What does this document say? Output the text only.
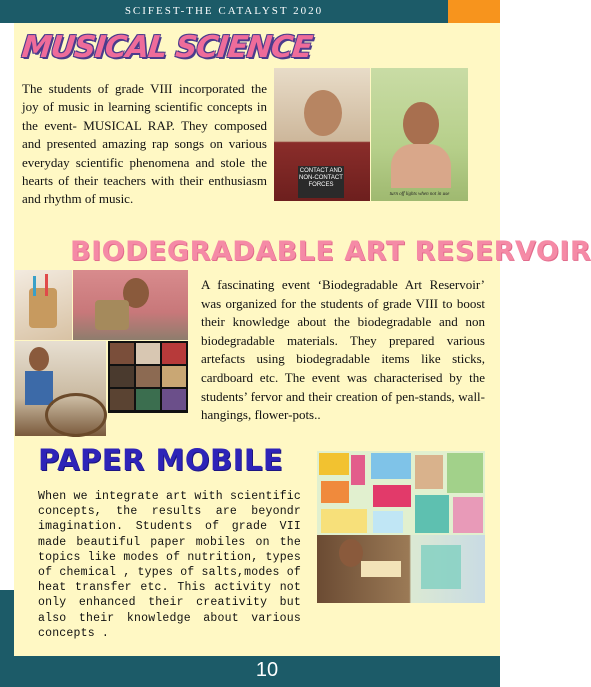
SCIFEST-THE CATALYST 2020
MUSICAL SCIENCE

The students of grade VIII incorporated the joy of music in learning scientific concepts in the event- MUSICAL RAP. They composed and presented amazing rap songs on various everyday scientific phenomena and stole the hearts of their teachers with their enthusiasm and rhythm of music.

CONTACT AND NON-CONTACT FORCES
turn off lights when not in use
BIODEGRADABLE ART RESERVOIR

A fascinating event ‘Biodegradable Art Reservoir’ was organized for the students of grade VIII to boost their knowledge about the biodegradable and non biodegradable materials. They prepared various artefacts using biodegradable items like sticks, cardboard etc. The event was characterised by the students’ fervor and their creation of pen-stands, wall- hangings, flower-pots..

PAPER MOBILE

When we integrate art with scientific concepts, the results are beyondr imagination. Students of grade VII made beautiful paper mobiles on the topics like modes of nutrition, types of chemical , types of salts,modes of heat transfer etc. This activity not only enhanced their creativity but also their knowledge about various concepts .

10
